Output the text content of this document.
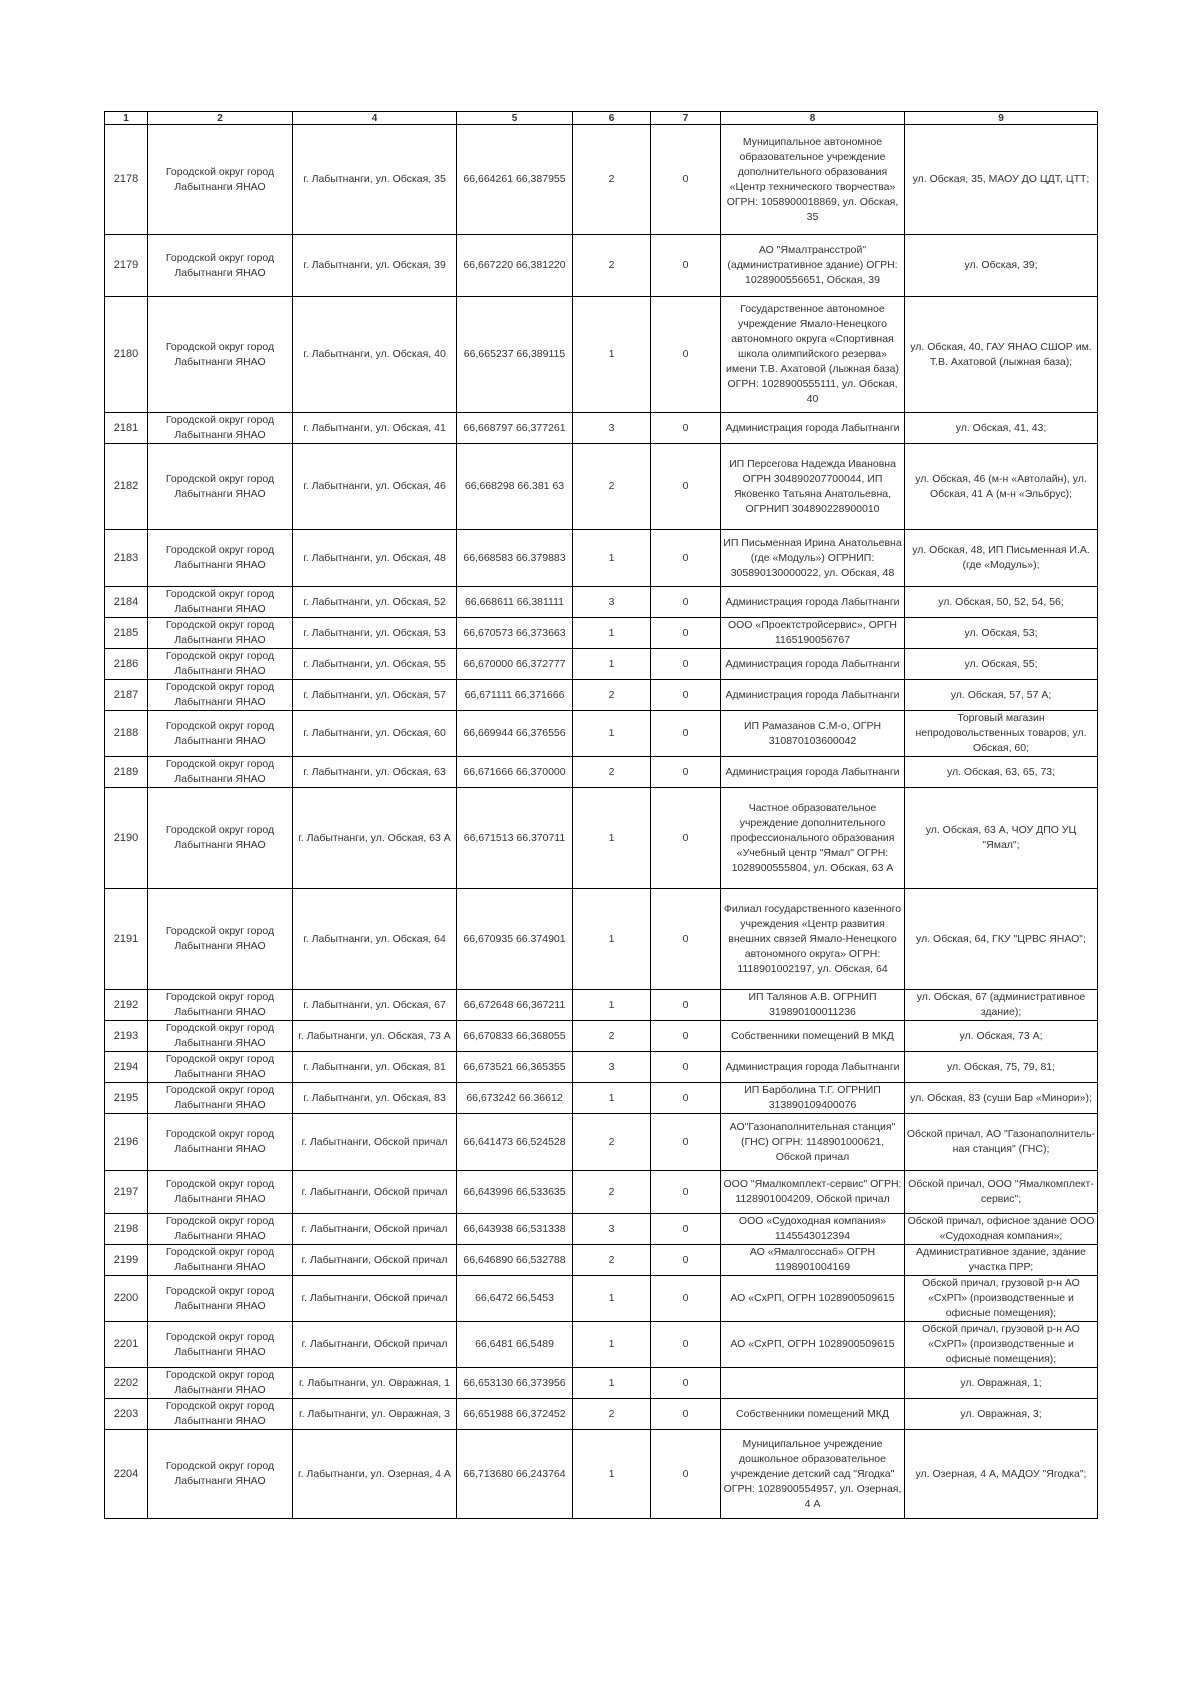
1	2	4	5	6	7	8	9
2178	Городской округ город Лабытнанги ЯНАО	г. Лабытнанги, ул. Обская, 35	66,664261 66,387955	2	0	Муниципальное автономное образовательное учреждение дополнительного образования «Центр технического творчества» ОГРН: 1058900018869, ул. Обская, 35	ул. Обская, 35, МАОУ ДО ЦДТ, ЦТТ;
2179	Городской округ город Лабытнанги ЯНАО	г. Лабытнанги, ул. Обская, 39	66,667220 66,381220	2	0	АО "Ямалтрансстрой" (административное здание) ОГРН: 1028900556651, Обская, 39	ул. Обская, 39;
2180	Городской округ город Лабытнанги ЯНАО	г. Лабытнанги, ул. Обская, 40	66,665237 66,389115	1	0	Государственное автономное учреждение Ямало-Ненецкого автономного округа «Спортивная школа олимпийского резерва» имени Т.В. Ахатовой (лыжная база) ОГРН: 1028900555111, ул. Обская, 40	ул. Обская, 40, ГАУ ЯНАО СШОР им. Т.В. Ахатовой (лыжная база);
2181	Городской округ город Лабытнанги ЯНАО	г. Лабытнанги, ул. Обская, 41	66,668797 66,377261	3	0	Администрация города Лабытнанги	ул. Обская, 41, 43;
2182	Городской округ город Лабытнанги ЯНАО	г. Лабытнанги, ул. Обская, 46	66,668298 66.381 63	2	0	ИП Персегова Надежда Ивановна ОГРН 304890207700044, ИП Яковенко Татьяна Анатольевна, ОГРНИП 304890228900010	ул. Обская, 46 (м-н «Автолайн), ул. Обская, 41 А (м-н «Эльбрус);
2183	Городской округ город Лабытнанги ЯНАО	г. Лабытнанги, ул. Обская, 48	66,668583 66.379883	1	0	ИП Письменная Ирина Анатольевна (где «Модуль») ОГРНИП: 305890130000022, ул. Обская, 48	ул. Обская, 48, ИП Письменная И.А. (где «Модуль»);
2184	Городской округ город Лабытнанги ЯНАО	г. Лабытнанги, ул. Обская, 52	66,668611 66,381111	3	0	Администрация города Лабытнанги	ул. Обская, 50, 52, 54, 56;
2185	Городской округ город Лабытнанги ЯНАО	г. Лабытнанги, ул. Обская, 53	66,670573 66,373663	1	0	ООО «Проектстройсервис», ОРГН 1165190056767	ул. Обская, 53;
2186	Городской округ город Лабытнанги ЯНАО	г. Лабытнанги, ул. Обская, 55	66,670000 66,372777	1	0	Администрация города Лабытнанги	ул. Обская, 55;
2187	Городской округ город Лабытнанги ЯНАО	г. Лабытнанги, ул. Обская, 57	66,671111 66,371666	2	0	Администрация города Лабытнанги	ул. Обская, 57, 57 А;
2188	Городской округ город Лабытнанги ЯНАО	г. Лабытнанги, ул. Обская, 60	66,669944 66,376556	1	0	ИП Рамазанов С.М-о, ОГРН 310870103600042	Торговый магазин непродовольственных товаров, ул. Обская, 60;
2189	Городской округ город Лабытнанги ЯНАО	г. Лабытнанги, ул. Обская, 63	66,671666 66,370000	2	0	Администрация города Лабытнанги	ул. Обская, 63, 65, 73;
2190	Городской округ город Лабытнанги ЯНАО	г. Лабытнанги, ул. Обская, 63 А	66,671513 66.370711	1	0	Частное образовательное учреждение дополнительного профессионального образования «Учебный центр "Ямал" ОГРН: 1028900555804, ул. Обская, 63 А	ул. Обская, 63 А, ЧОУ ДПО УЦ "Ямал";
2191	Городской округ город Лабытнанги ЯНАО	г. Лабытнанги, ул. Обская, 64	66,670935 66.374901	1	0	Филиал государственного казенного учреждения «Центр развития внешних связей Ямало-Ненецкого автономного округа» ОГРН: 1118901002197, ул. Обская, 64	ул. Обская, 64, ГКУ "ЦРВС ЯНАО";
2192	Городской округ город Лабытнанги ЯНАО	г. Лабытнанги, ул. Обская, 67	66,672648 66,367211	1	0	ИП Талянов А.В. ОГРНИП 319890100011236	ул. Обская, 67 (административное здание);
2193	Городской округ город Лабытнанги ЯНАО	г. Лабытнанги, ул. Обская, 73 А	66,670833 66,368055	2	0	Собственники помещений В МКД	ул. Обская, 73 А;
2194	Городской округ город Лабытнанги ЯНАО	г. Лабытнанги, ул. Обская, 81	66,673521 66,365355	3	0	Администрация города Лабытнанги	ул. Обская, 75, 79, 81;
2195	Городской округ город Лабытнанги ЯНАО	г. Лабытнанги, ул. Обская, 83	66,673242 66.36612	1	0	ИП Барболина Т.Г. ОГРНИП 313890109400076	ул. Обская, 83 (суши Бар «Минори»);
2196	Городской округ город Лабытнанги ЯНАО	г. Лабытнанги, Обской причал	66,641473 66,524528	2	0	АО"Газонаполнительная станция" (ГНС) ОГРН: 1148901000621, Обской причал	Обской причал, АО "Газонаполнитель-ная станция" (ГНС);
2197	Городской округ город Лабытнанги ЯНАО	г. Лабытнанги, Обской причал	66,643996 66,533635	2	0	ООО "Ямалкомплект-сервис" ОГРН: 1128901004209, Обской причал	Обской причал, ООО "Ямалкомплект-сервис";
2198	Городской округ город Лабытнанги ЯНАО	г. Лабытнанги, Обской причал	66,643938 66,531338	3	0	ООО «Судоходная компания» 1145543012394	Обской причал, офисное здание ООО «Судоходная компания»;
2199	Городской округ город Лабытнанги ЯНАО	г. Лабытнанги, Обской причал	66,646890 66,532788	2	0	АО «Ямалгосснаб» ОГРН 1198901004169	Административное здание, здание участка ПРР;
2200	Городской округ город Лабытнанги ЯНАО	г. Лабытнанги, Обской причал	66,6472 66,5453	1	0	АО «СхРП, ОГРН 1028900509615	Обской причал, грузовой р-н АО «СхРП» (производственные и офисные помещения);
2201	Городской округ город Лабытнанги ЯНАО	г. Лабытнанги, Обской причал	66,6481 66,5489	1	0	АО «СхРП, ОГРН 1028900509615	Обской причал, грузовой р-н АО «СхРП» (производственные и офисные помещения);
2202	Городской округ город Лабытнанги ЯНАО	г. Лабытнанги, ул. Овражная, 1	66,653130 66,373956	1	0		ул. Овражная, 1;
2203	Городской округ город Лабытнанги ЯНАО	г. Лабытнанги, ул. Овражная, 3	66,651988 66,372452	2	0	Собственники помещений МКД	ул. Овражная, 3;
2204	Городской округ город Лабытнанги ЯНАО	г. Лабытнанги, ул. Озерная, 4 А	66,713680 66,243764	1	0	Муниципальное учреждение дошкольное образовательное учреждение детский сад "Ягодка" ОГРН: 1028900554957, ул. Озерная, 4 А	ул. Озерная, 4 А, МАДОУ "Ягодка";
